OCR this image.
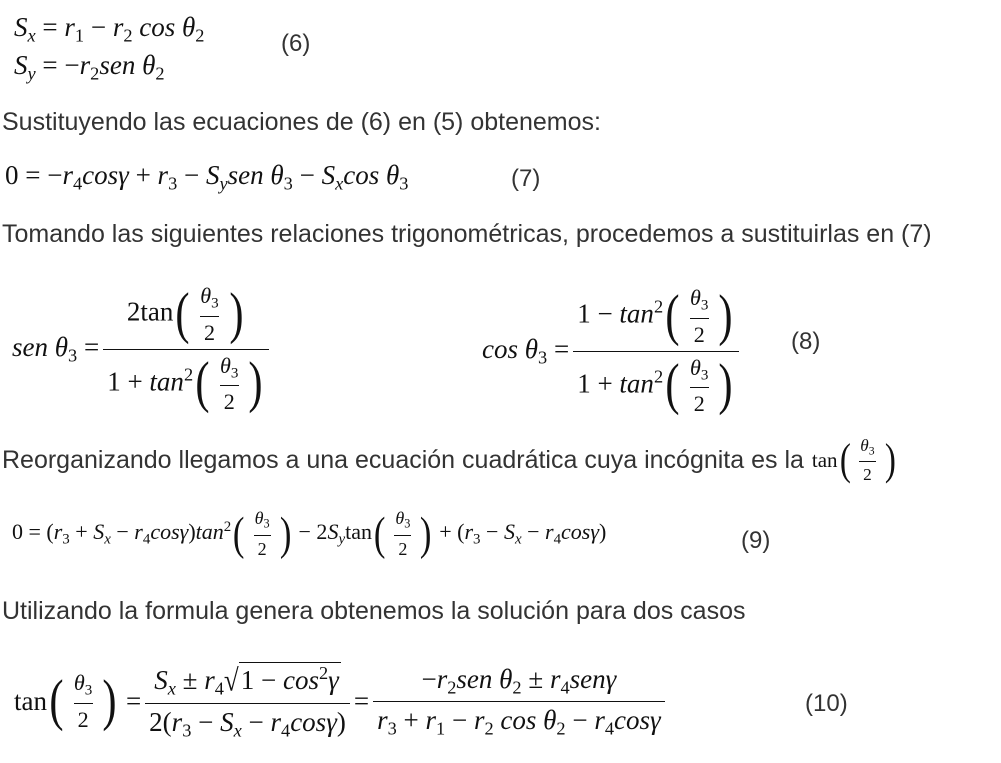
$S_x = r_1 - r_2$ $\cos \theta_2$
$S_y = -r_2sen$ $\theta_2$
(6)
Sustituyendo las ecuaciones de (6) en (5) obtenemos:
$0 = -r_4\cos\gamma + r_3 - S_ysen$ $\theta_3 - S_x\cos$ $\theta_3$	(7)
Tomando las siguientes relaciones trigonométricas, procedemos a sustituirlas en (7)
sen $\theta_3 = \frac{2\tan( \frac{\theta_3}{2} )}{1 + \tan^2( \frac{\theta_3}{2} )}$	$\cos \theta_3 = \frac{1 - \tan^2( \frac{\theta_3}{2} )}{1 + \tan^2( \frac{\theta_3}{2} )} (8)$
Reorganizando llegamos a una ecuación cuadrática cuya incógnita es la tan ( $\frac{\theta_3}{2}$ )
$0 = (r_3 + S_x - r_4\cos\gamma)\tan^2$ ( $\frac{\theta_3}{2}$ ) − $2S_y\tan$ ( $\frac{\theta_3}{2}$ ) + $(r_3 - S_x - r_4\cos\gamma)$	(9)
Utilizando la formula genera obtenemos la solución para dos casos
tan ( $\frac{\theta_3}{2}$ ) = $\frac{S_x \pm r_4√1 - \cos^2\gamma}{2(r_3 - S_x - r_4\cos\gamma)} = \frac{-r_2sen \theta_2 \pm r_4sen\gamma}{r_3 + r_1 - r_2 \cos \theta_2 - r_4\cos\gamma}$	(10)
